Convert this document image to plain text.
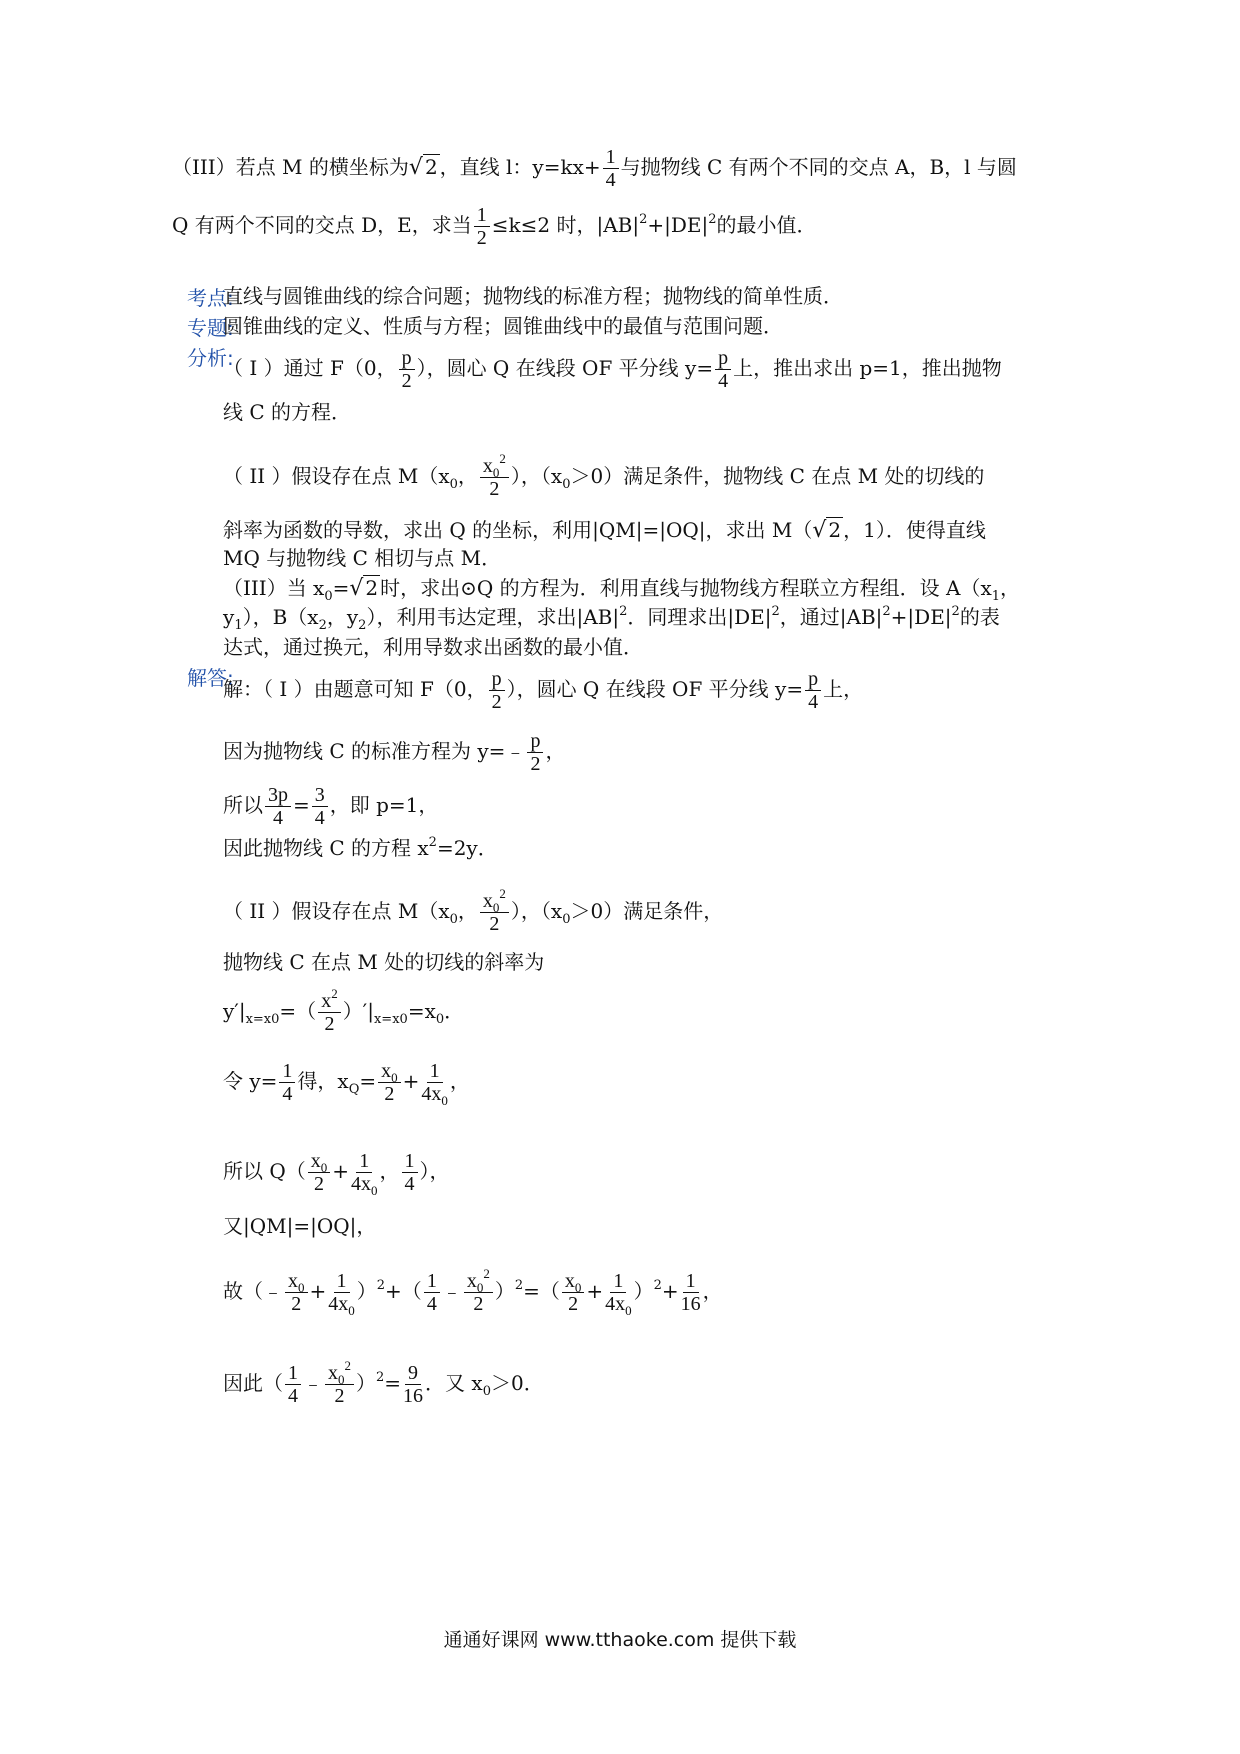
（III）若点 M 的横坐标为√ 2 ，直线 l：$y=kx+ \frac{1}{4}$ 与抛物线 C 有两个不同的交点 A，B，l 与圆
Q 有两个不同的交点 D，E，求当 $\frac{1}{2} \le k\le 2$ 时，$|AB|^2+|DE|^2$的最小值．
考点:
直线与圆锥曲线的综合问题；抛物线的标准方程；抛物线的简单性质．
专题:
圆锥曲线的定义、性质与方程；圆锥曲线中的最值与范围问题．
分析:
（ I ）通过 F（0， $\frac{p}{2}$ ），圆心 Q 在线段 OF 平分线 $y= \frac{p}{4}$ 上，推出求出 p=1，推出抛物
线 C 的方程．
（ II ）假设存在点 $M(x_0$， $\frac{x_0^2}{2}$ ），$(x_0>0)$满足条件，抛物线 C 在点 M 处的切线的
斜率为函数的导数，求出 Q 的坐标，利用|QM|=|OQ|，求出 M（√ 2 ，1）．使得直线
MQ 与抛物线 C 相切与点 M．
（III）当 $x_0=√$ 2 时，求出⊙Q 的方程为．利用直线与抛物线方程联立方程组．设 $A(x_1$，
$y_1$），$B(x_2$，$y_2$），利用韦达定理，求出$|AB|^2$．同理求出$|DE|^2$，通过$|AB|^2+|DE|^2$的表
达式，通过换元，利用导数求出函数的最小值．
解答:
解：（ I ）由题意可知 F（0， $\frac{p}{2}$ ），圆心 Q 在线段 OF 平分线 $y= \frac{p}{4}$ 上，
因为抛物线 C 的标准方程为 y=﹣ $\frac{p}{2}$ ，
所以 $\frac{3p}{4} = \frac{3}{4}$ ，即 p=1，
因此抛物线 C 的方程 $x^2=2y$．
（ II ）假设存在点 $M(x_0$， $\frac{x_0^2}{2}$ ），$(x_0>0)$满足条件，
抛物线 C 在点 M 处的切线的斜率为
$y'|_{x=x0}=( \frac{x^2}{2} )'|_{x=x0}=x_0$．
令 $y= \frac{1}{4}$ 得，$x_Q= \frac{x_0}{2} + \frac{1}{4x_0}$ ，
所以 $Q( \frac{x_0}{2} + \frac{1}{4x_0}$ ， $\frac{1}{4}$ ），
又|QM|=|OQ|，
故（﹣ $\frac{x_0}{2} + \frac{1}{4x_0} )^2+( \frac{1}{4}$ ﹣ $\frac{x_0^2}{2} )^2=( \frac{x_0}{2} + \frac{1}{4x_0} )^2+ \frac{1}{16}$ ，
因此（ $\frac{1}{4}$ ﹣ $\frac{x_0^2}{2} )^2= \frac{9}{16}$ ．又 $x_0>0$．
通通好课网 www.tthaoke.com 提供下载
